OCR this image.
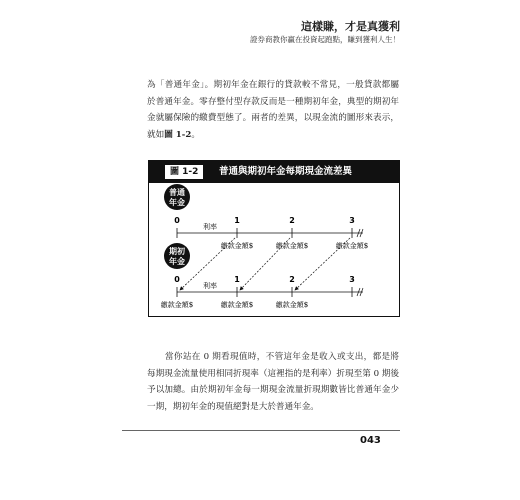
這樣賺，才是真獲利
證券商教你贏在投資起跑點，賺到獲利人生！

為「普通年金」。期初年金在銀行的貸款較不常見，一般貸款都屬於普通年金。零存整付型存款反而是一種期初年金，典型的期初年金就屬保險的繳費型態了。兩者的差異，以現金流的圖形來表示，就如圖 1-2。

圖 1-2	普通與期初年金每期現金流差異
普通
年金
0	1	2	3
利率
繳款金額$	繳款金額$	繳款金額$
期初
年金
0	1	2	3
利率
繳款金額$	繳款金額$	繳款金額$

當你站在 0 期看現值時，不管這年金是收入或支出，都是將每期現金流量使用相同折現率（這裡指的是利率）折現至第 0 期後予以加總。由於期初年金每一期現金流量折現期數皆比普通年金少一期，期初年金的現值絕對是大於普通年金。

043
